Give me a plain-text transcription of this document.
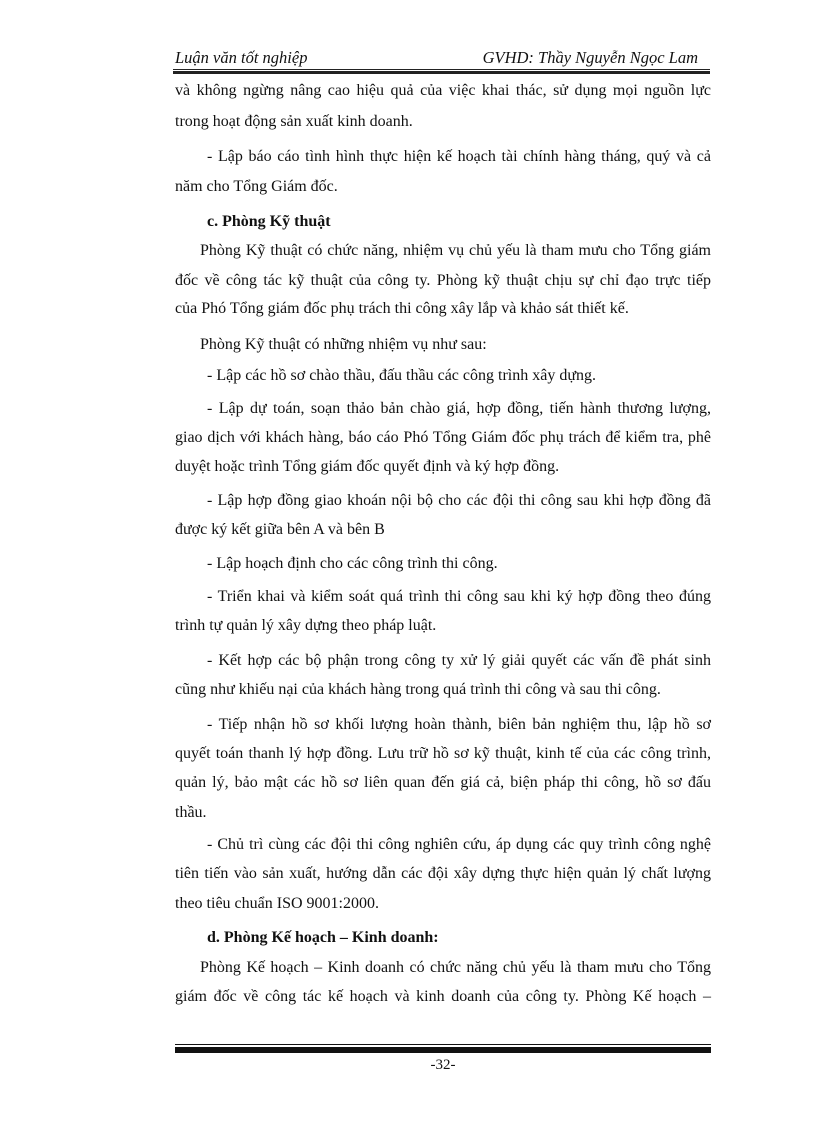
Luận văn tốt nghiệp	GVHD: Thầy Nguyễn Ngọc Lam
và không ngừng nâng cao hiệu quả của việc khai thác, sử dụng mọi nguồn lực
trong hoạt động sản xuất kinh doanh.
- Lập báo cáo tình hình thực hiện kế hoạch tài chính hàng tháng, quý và cả
năm cho Tổng Giám đốc.
c. Phòng Kỹ thuật
Phòng Kỹ thuật có chức năng, nhiệm vụ chủ yếu là tham mưu cho Tổng giám
đốc về công tác kỹ thuật của công ty. Phòng kỹ thuật chịu sự chỉ đạo trực tiếp
của Phó Tổng giám đốc phụ trách thi công xây lắp và khảo sát thiết kế.
Phòng Kỹ thuật có những nhiệm vụ như sau:
- Lập các hồ sơ chào thầu, đấu thầu các công trình xây dựng.
- Lập dự toán, soạn thảo bản chào giá, hợp đồng, tiến hành thương lượng,
giao dịch với khách hàng, báo cáo Phó Tổng Giám đốc phụ trách để kiểm tra, phê
duyệt hoặc trình Tổng giám đốc quyết định và ký hợp đồng.
- Lập hợp đồng giao khoán nội bộ cho các đội thi công sau khi hợp đồng đã
được ký kết giữa bên A và bên B
- Lập hoạch định cho các công trình thi công.
- Triển khai và kiểm soát quá trình thi công sau khi ký hợp đồng theo đúng
trình tự quản lý xây dựng theo pháp luật.
- Kết hợp các bộ phận trong công ty xử lý giải quyết các vấn đề phát sinh
cũng như khiếu nại của khách hàng trong quá trình thi công và sau thi công.
- Tiếp nhận hồ sơ khối lượng hoàn thành, biên bản nghiệm thu, lập hồ sơ
quyết toán thanh lý hợp đồng. Lưu trữ hồ sơ kỹ thuật, kinh tế của các công trình,
quản lý, bảo mật các hồ sơ liên quan đến giá cả, biện pháp thi công, hồ sơ đấu
thầu.
- Chủ trì cùng các đội thi công nghiên cứu, áp dụng các quy trình công nghệ
tiên tiến vào sản xuất, hướng dẫn các đội xây dựng thực hiện quản lý chất lượng
theo tiêu chuẩn ISO 9001:2000.
d. Phòng Kế hoạch – Kinh doanh:
Phòng Kế hoạch – Kinh doanh có chức năng chủ yếu là tham mưu cho Tổng
giám đốc về công tác kế hoạch và kinh doanh của công ty. Phòng Kế hoạch –
-32-
